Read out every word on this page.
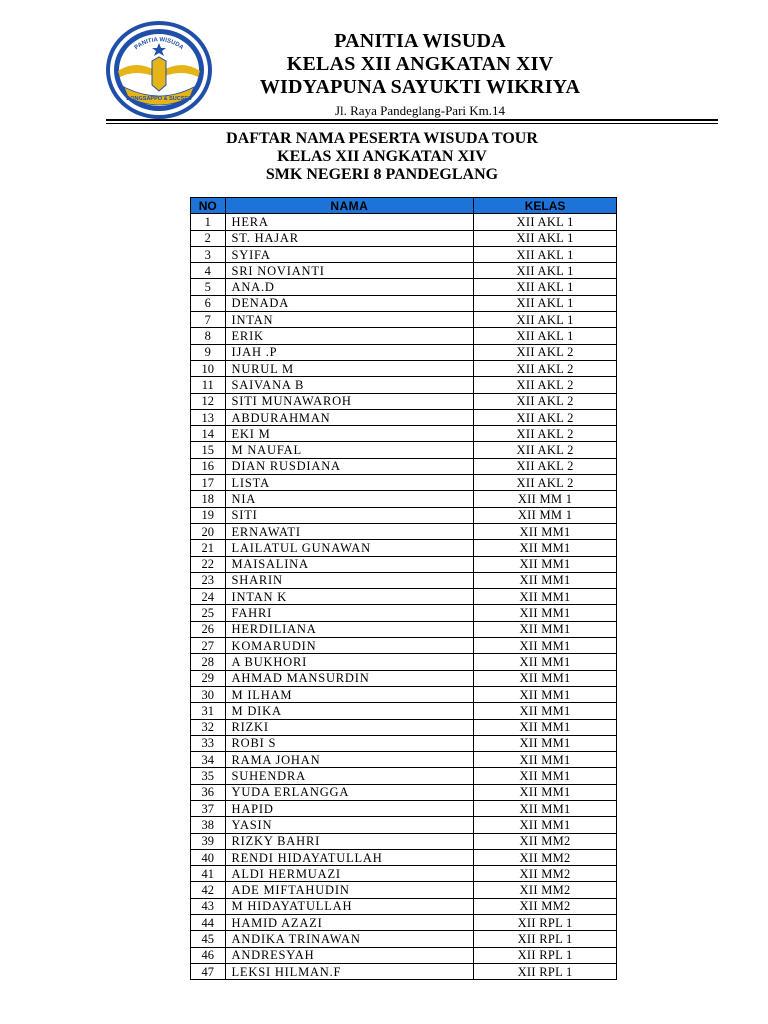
PANITIA WISUDA
DONGSAPPO & SUCSES
PANITIA WISUDA
KELAS XII ANGKATAN XIV
WIDYAPUNA SAYUKTI WIKRIYA
Jl. Raya Pandeglang-Pari Km.14
DAFTAR NAMA PESERTA WISUDA TOUR
KELAS XII ANGKATAN XIV
SMK NEGERI 8 PANDEGLANG
NO	NAMA	KELAS
1	HERA	XII AKL 1
2	ST. HAJAR	XII AKL 1
3	SYIFA	XII AKL 1
4	SRI NOVIANTI	XII AKL 1
5	ANA.D	XII AKL 1
6	DENADA	XII AKL 1
7	INTAN	XII AKL 1
8	ERIK	XII AKL 1
9	IJAH .P	XII AKL 2
10	NURUL M	XII AKL 2
11	SAIVANA B	XII AKL 2
12	SITI MUNAWAROH	XII AKL 2
13	ABDURAHMAN	XII AKL 2
14	EKI M	XII AKL 2
15	M NAUFAL	XII AKL 2
16	DIAN RUSDIANA	XII AKL 2
17	LISTA	XII AKL 2
18	NIA	XII MM 1
19	SITI	XII MM 1
20	ERNAWATI	XII MM1
21	LAILATUL GUNAWAN	XII MM1
22	MAISALINA	XII MM1
23	SHARIN	XII MM1
24	INTAN K	XII MM1
25	FAHRI	XII MM1
26	HERDILIANA	XII MM1
27	KOMARUDIN	XII MM1
28	A BUKHORI	XII MM1
29	AHMAD MANSURDIN	XII MM1
30	M ILHAM	XII MM1
31	M DIKA	XII MM1
32	RIZKI	XII MM1
33	ROBI S	XII MM1
34	RAMA JOHAN	XII MM1
35	SUHENDRA	XII MM1
36	YUDA ERLANGGA	XII MM1
37	HAPID	XII MM1
38	YASIN	XII MM1
39	RIZKY BAHRI	XII MM2
40	RENDI HIDAYATULLAH	XII MM2
41	ALDI HERMUAZI	XII MM2
42	ADE MIFTAHUDIN	XII MM2
43	M HIDAYATULLAH	XII MM2
44	HAMID AZAZI	XII RPL 1
45	ANDIKA TRINAWAN	XII RPL 1
46	ANDRESYAH	XII RPL 1
47	LEKSI HILMAN.F	XII RPL 1
